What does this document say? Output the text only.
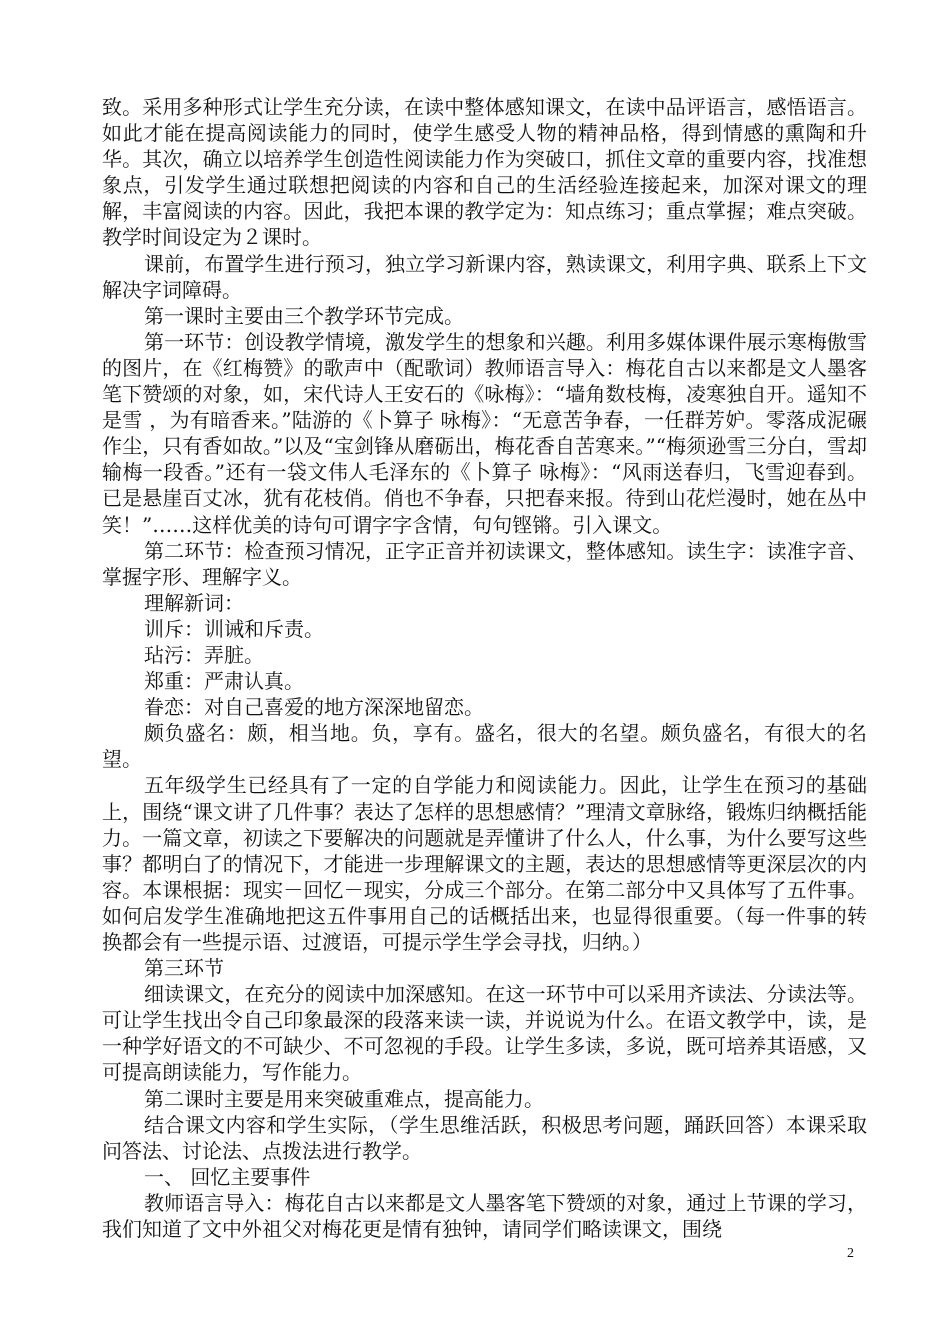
致。采用多种形式让学生充分读，在读中整体感知课文，在读中品评语言，感悟语言。如此才能在提高阅读能力的同时，使学生感受人物的精神品格，得到情感的熏陶和升华。其次，确立以培养学生创造性阅读能力作为突破口，抓住文章的重要内容，找准想象点，引发学生通过联想把阅读的内容和自己的生活经验连接起来，加深对课文的理解，丰富阅读的内容。因此，我把本课的教学定为：知点练习；重点掌握；难点突破。教学时间设定为２课时。

课前，布置学生进行预习，独立学习新课内容，熟读课文，利用字典、联系上下文解决字词障碍。

第一课时主要由三个教学环节完成。

第一环节：创设教学情境，激发学生的想象和兴趣。利用多媒体课件展示寒梅傲雪的图片，在《红梅赞》的歌声中（配歌词）教师语言导入：梅花自古以来都是文人墨客笔下赞颂的对象，如，宋代诗人王安石的《咏梅》：“墙角数枝梅，凌寒独自开。遥知不是雪 ，为有暗香来。”陆游的《卜算子 咏梅》：“无意苦争春，一任群芳妒。零落成泥碾作尘，只有香如故。”以及“宝剑锋从磨砺出，梅花香自苦寒来。”“梅须逊雪三分白，雪却输梅一段香。”还有一袋文伟人毛泽东的《卜算子 咏梅》：“风雨送春归，飞雪迎春到。已是悬崖百丈冰，犹有花枝俏。俏也不争春，只把春来报。待到山花烂漫时，她在丛中笑！”……这样优美的诗句可谓字字含情，句句铿锵。引入课文。

第二环节：检查预习情况，正字正音并初读课文，整体感知。读生字：读准字音、掌握字形、理解字义。

理解新词：

训斥：训诫和斥责。

玷污：弄脏。

郑重：严肃认真。

眷恋：对自己喜爱的地方深深地留恋。

颇负盛名：颇，相当地。负，享有。盛名，很大的名望。颇负盛名，有很大的名望。

五年级学生已经具有了一定的自学能力和阅读能力。因此，让学生在预习的基础上，围绕“课文讲了几件事？表达了怎样的思想感情？”理清文章脉络，锻炼归纳概括能力。一篇文章，初读之下要解决的问题就是弄懂讲了什么人，什么事，为什么要写这些事？都明白了的情况下，才能进一步理解课文的主题，表达的思想感情等更深层次的内容。本课根据：现实－回忆－现实，分成三个部分。在第二部分中又具体写了五件事。如何启发学生准确地把这五件事用自己的话概括出来，也显得很重要。（每一件事的转换都会有一些提示语、过渡语，可提示学生学会寻找，归纳。）

第三环节

细读课文，在充分的阅读中加深感知。在这一环节中可以采用齐读法、分读法等。可让学生找出令自己印象最深的段落来读一读，并说说为什么。在语文教学中，读，是一种学好语文的不可缺少、不可忽视的手段。让学生多读，多说，既可培养其语感，又可提高朗读能力，写作能力。

第二课时主要是用来突破重难点，提高能力。

结合课文内容和学生实际，（学生思维活跃，积极思考问题，踊跃回答）本课采取问答法、讨论法、点拨法进行教学。

一、 回忆主要事件

教师语言导入：梅花自古以来都是文人墨客笔下赞颂的对象，通过上节课的学习，我们知道了文中外祖父对梅花更是情有独钟，请同学们略读课文，围绕

2
